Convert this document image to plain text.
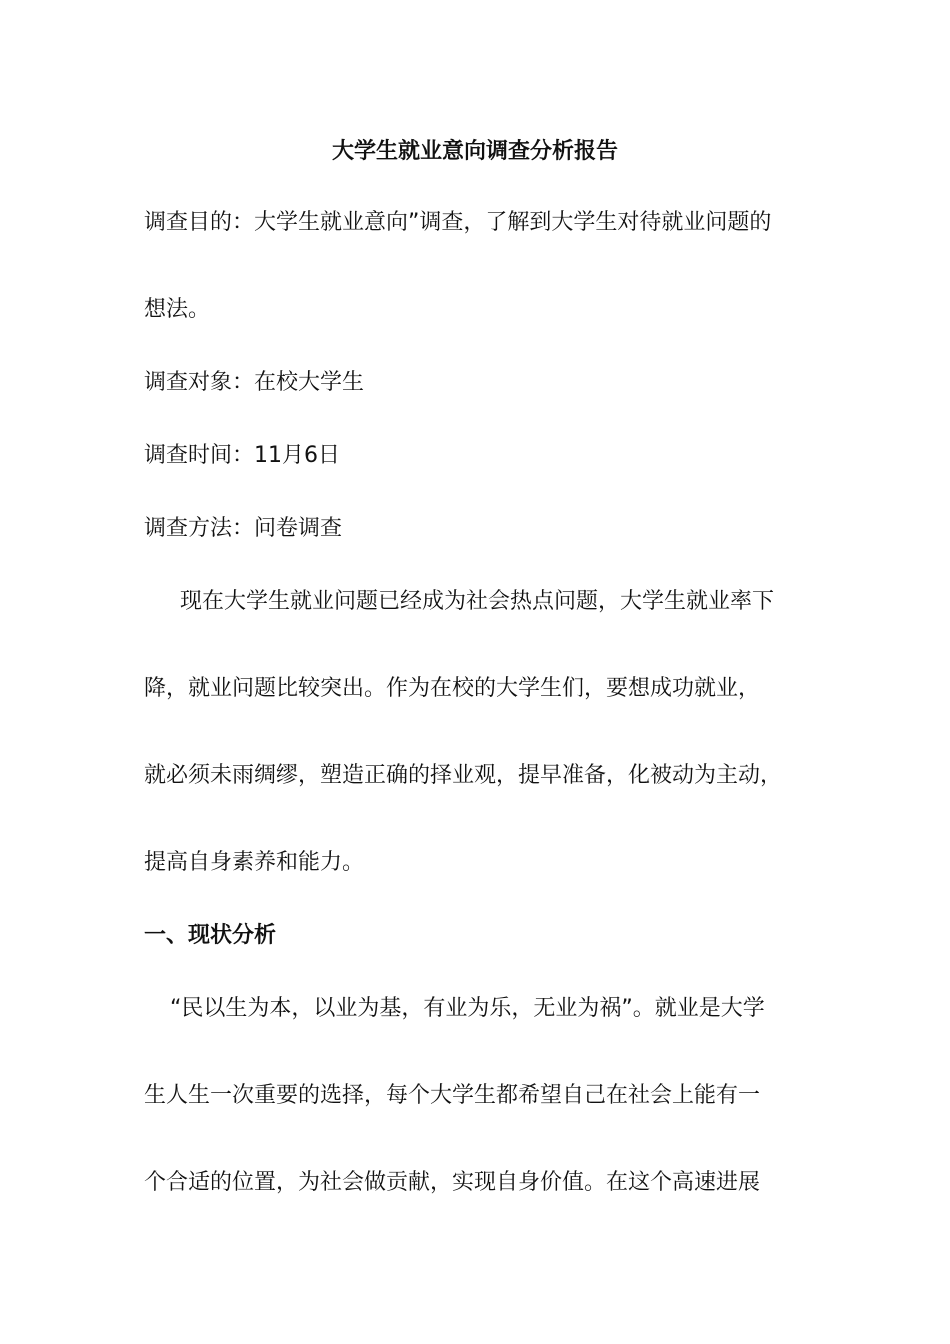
大学生就业意向调查分析报告
调查目的：大学生就业意向”调查，了解到大学生对待就业问题的
想法。
调查对象：在校大学生
调查时间：11月6日
调查方法：问卷调查
现在大学生就业问题已经成为社会热点问题，大学生就业率下
降，就业问题比较突出。作为在校的大学生们，要想成功就业，
就必须未雨绸缪，塑造正确的择业观，提早准备，化被动为主动，
提高自身素养和能力。
一、现状分析
“民以生为本，以业为基，有业为乐，无业为祸”。就业是大学
生人生一次重要的选择，每个大学生都希望自己在社会上能有一
个合适的位置，为社会做贡献，实现自身价值。在这个高速进展
